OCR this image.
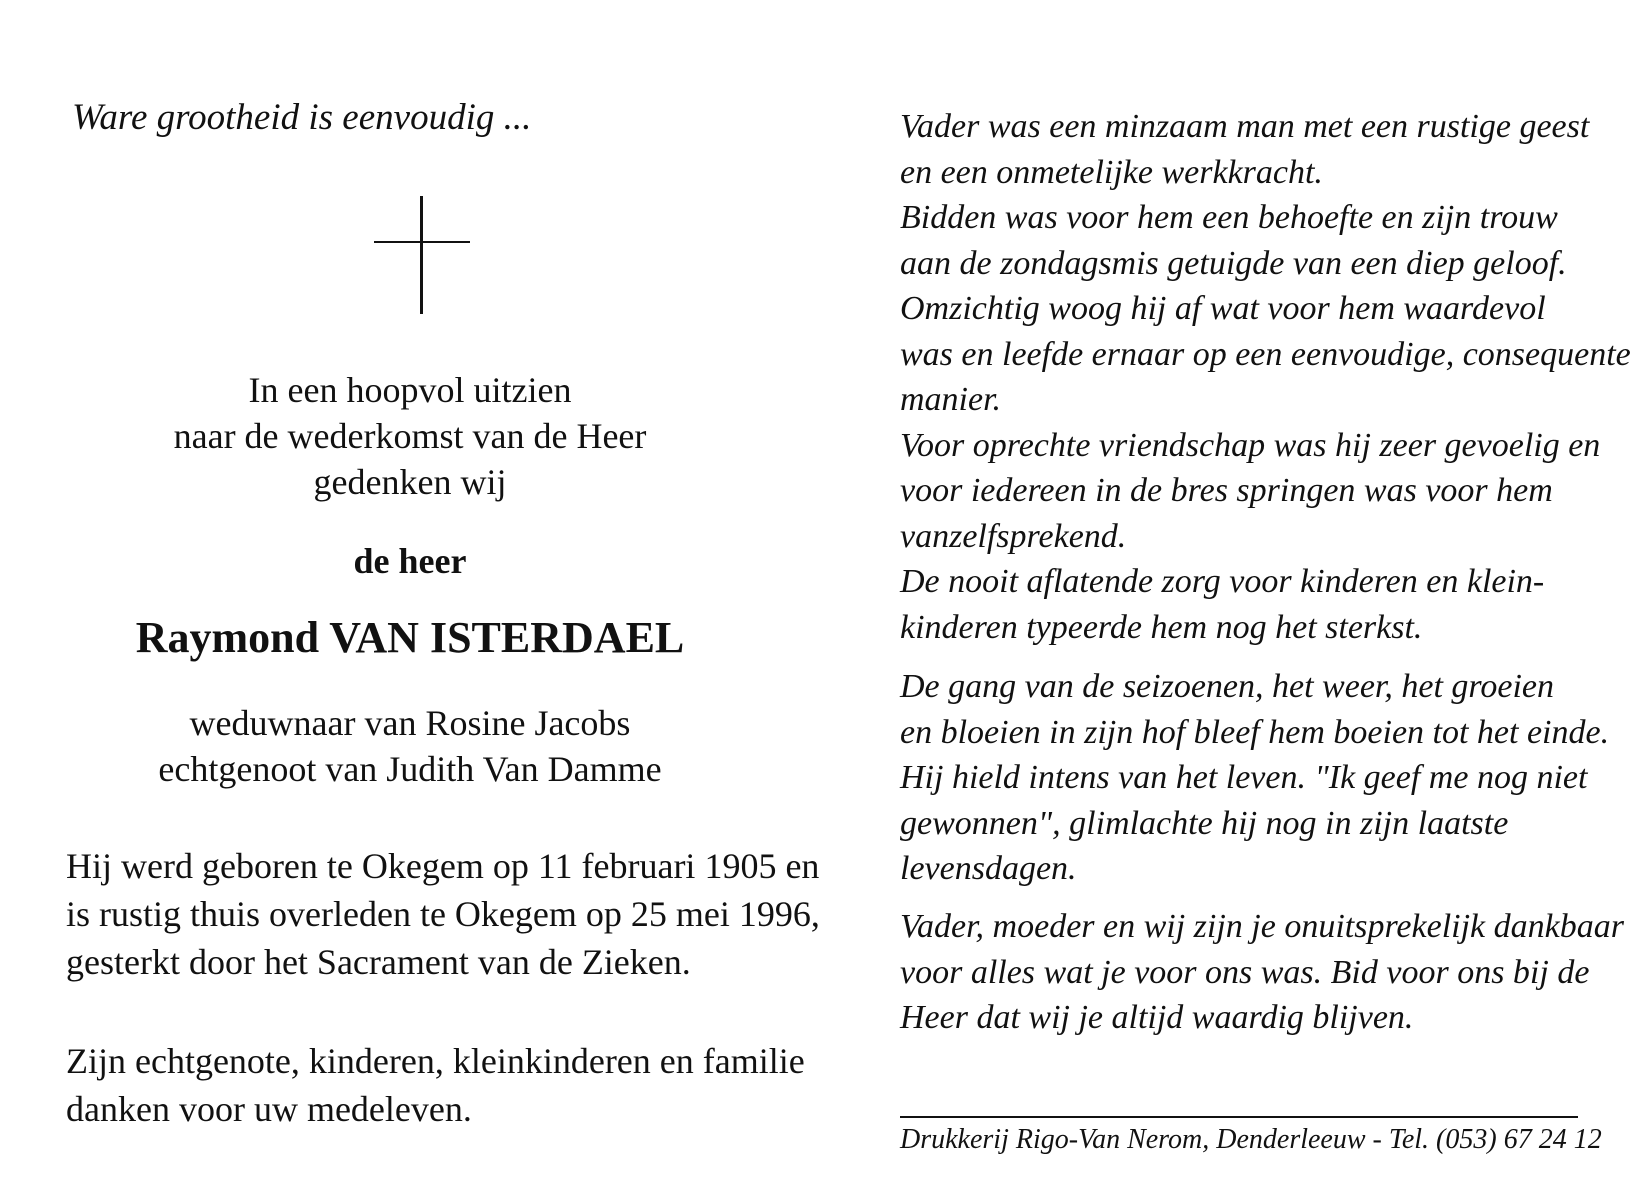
Ware grootheid is eenvoudig ...
In een hoopvol uitzien
naar de wederkomst van de Heer
gedenken wij
de heer
Raymond VAN ISTERDAEL
weduwnaar van Rosine Jacobs
echtgenoot van Judith Van Damme
Hij werd geboren te Okegem op 11 februari 1905 en
is rustig thuis overleden te Okegem op 25 mei 1996,
gesterkt door het Sacrament van de Zieken.
Zijn echtgenote, kinderen, kleinkinderen en familie
danken voor uw medeleven.
Vader was een minzaam man met een rustige geest
en een onmetelijke werkkracht.
Bidden was voor hem een behoefte en zijn trouw
aan de zondagsmis getuigde van een diep geloof.
Omzichtig woog hij af wat voor hem waardevol
was en leefde ernaar op een eenvoudige, consequente
manier.
Voor oprechte vriendschap was hij zeer gevoelig en
voor iedereen in de bres springen was voor hem
vanzelfsprekend.
De nooit aflatende zorg voor kinderen en klein-
kinderen typeerde hem nog het sterkst.
De gang van de seizoenen, het weer, het groeien
en bloeien in zijn hof bleef hem boeien tot het einde.
Hij hield intens van het leven. "Ik geef me nog niet
gewonnen", glimlachte hij nog in zijn laatste
levensdagen.
Vader, moeder en wij zijn je onuitsprekelijk dankbaar
voor alles wat je voor ons was. Bid voor ons bij de
Heer dat wij je altijd waardig blijven.
Drukkerij Rigo-Van Nerom, Denderleeuw - Tel. (053) 67 24 12
